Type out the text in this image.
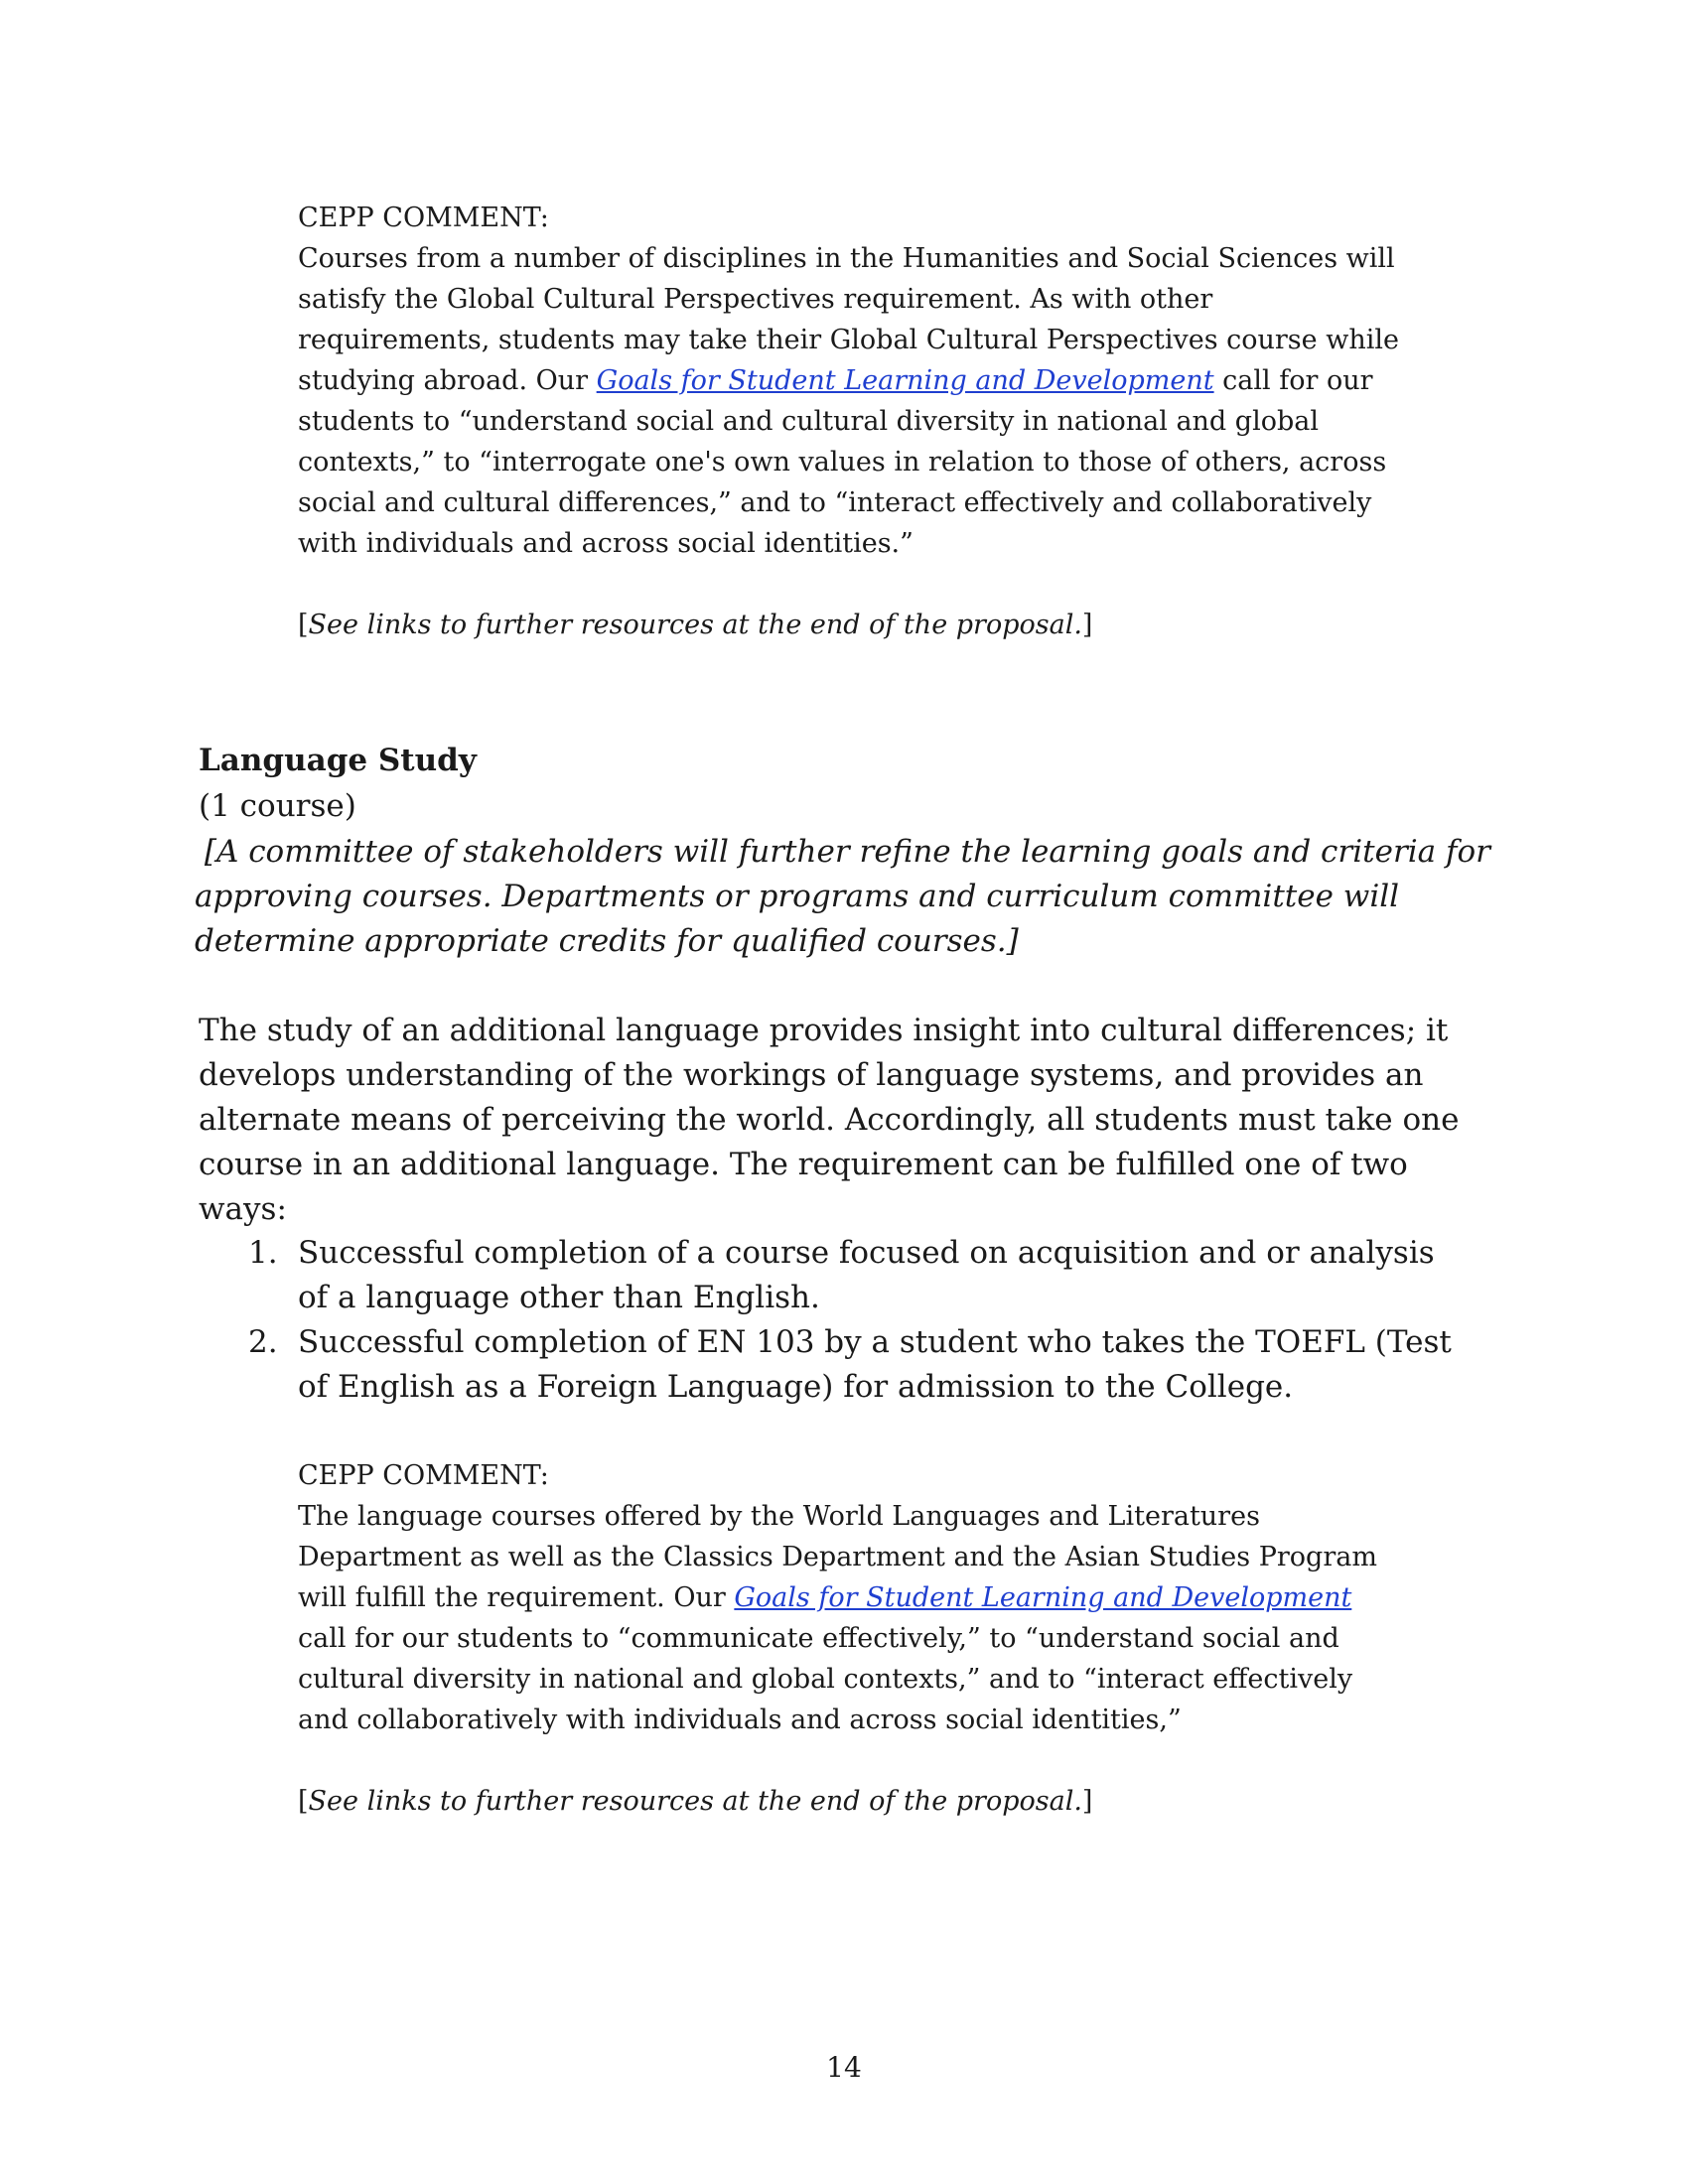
CEPP COMMENT:

Courses from a number of disciplines in the Humanities and Social Sciences will satisfy the Global Cultural Perspectives requirement. As with other requirements, students may take their Global Cultural Perspectives course while studying abroad. Our Goals for Student Learning and Development call for our students to “understand social and cultural diversity in national and global contexts,” to “interrogate one's own values in relation to those of others, across social and cultural differences,” and to “interact effectively and collaboratively with individuals and across social identities.”

[See links to further resources at the end of the proposal.]

Language Study
(1 course)
[A committee of stakeholders will further refine the learning goals and criteria for approving courses. Departments or programs and curriculum committee will determine appropriate credits for qualified courses.]
The study of an additional language provides insight into cultural differences; it develops understanding of the workings of language systems, and provides an alternate means of perceiving the world. Accordingly, all students must take one course in an additional language. The requirement can be fulfilled one of two ways:
1. Successful completion of a course focused on acquisition and or analysis of a language other than English.
2. Successful completion of EN 103 by a student who takes the TOEFL (Test of English as a Foreign Language) for admission to the College.

CEPP COMMENT:

The language courses offered by the World Languages and Literatures Department as well as the Classics Department and the Asian Studies Program will fulfill the requirement. Our Goals for Student Learning and Development call for our students to “communicate effectively,” to “understand social and cultural diversity in national and global contexts,” and to “interact effectively and collaboratively with individuals and across social identities,”

[See links to further resources at the end of the proposal.]

14
